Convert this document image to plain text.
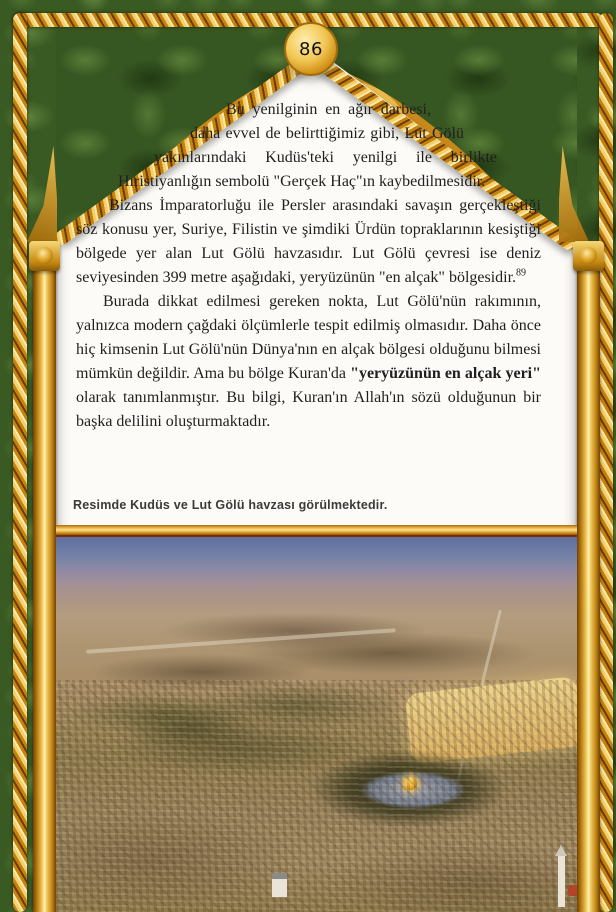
86

Bu yenilginin en ağır darbesi, daha evvel de belirttiğimiz gibi, Lut Gölü yakınlarındaki Kudüs'teki yenilgi ile birlikte Hıristiyanlığın sembolü "Gerçek Haç"ın kaybedilmesidir.

Bizans İmparatorluğu ile Persler arasındaki savaşın gerçekleştiği söz konusu yer, Suriye, Filistin ve şimdiki Ürdün topraklarının kesiştiği bölgede yer alan Lut Gölü havzasıdır. Lut Gölü çevresi ise deniz seviyesinden 399 metre aşağıdaki, yeryüzünün "en alçak" bölgesidir.$^{89}$

Burada dikkat edilmesi gereken nokta, Lut Gölü'nün rakımının, yalnızca modern çağdaki ölçümlerle tespit edilmiş olmasıdır. Daha önce hiç kimsenin Lut Gölü'nün Dünya'nın en alçak bölgesi olduğunu bilmesi mümkün değildir. Ama bu bölge Kuran'da "yeryüzünün en alçak yeri" olarak tanımlanmıştır. Bu bilgi, Kuran'ın Allah'ın sözü olduğunun bir başka delilini oluşturmaktadır.

Resimde Kudüs ve Lut Gölü havzası görülmektedir.
